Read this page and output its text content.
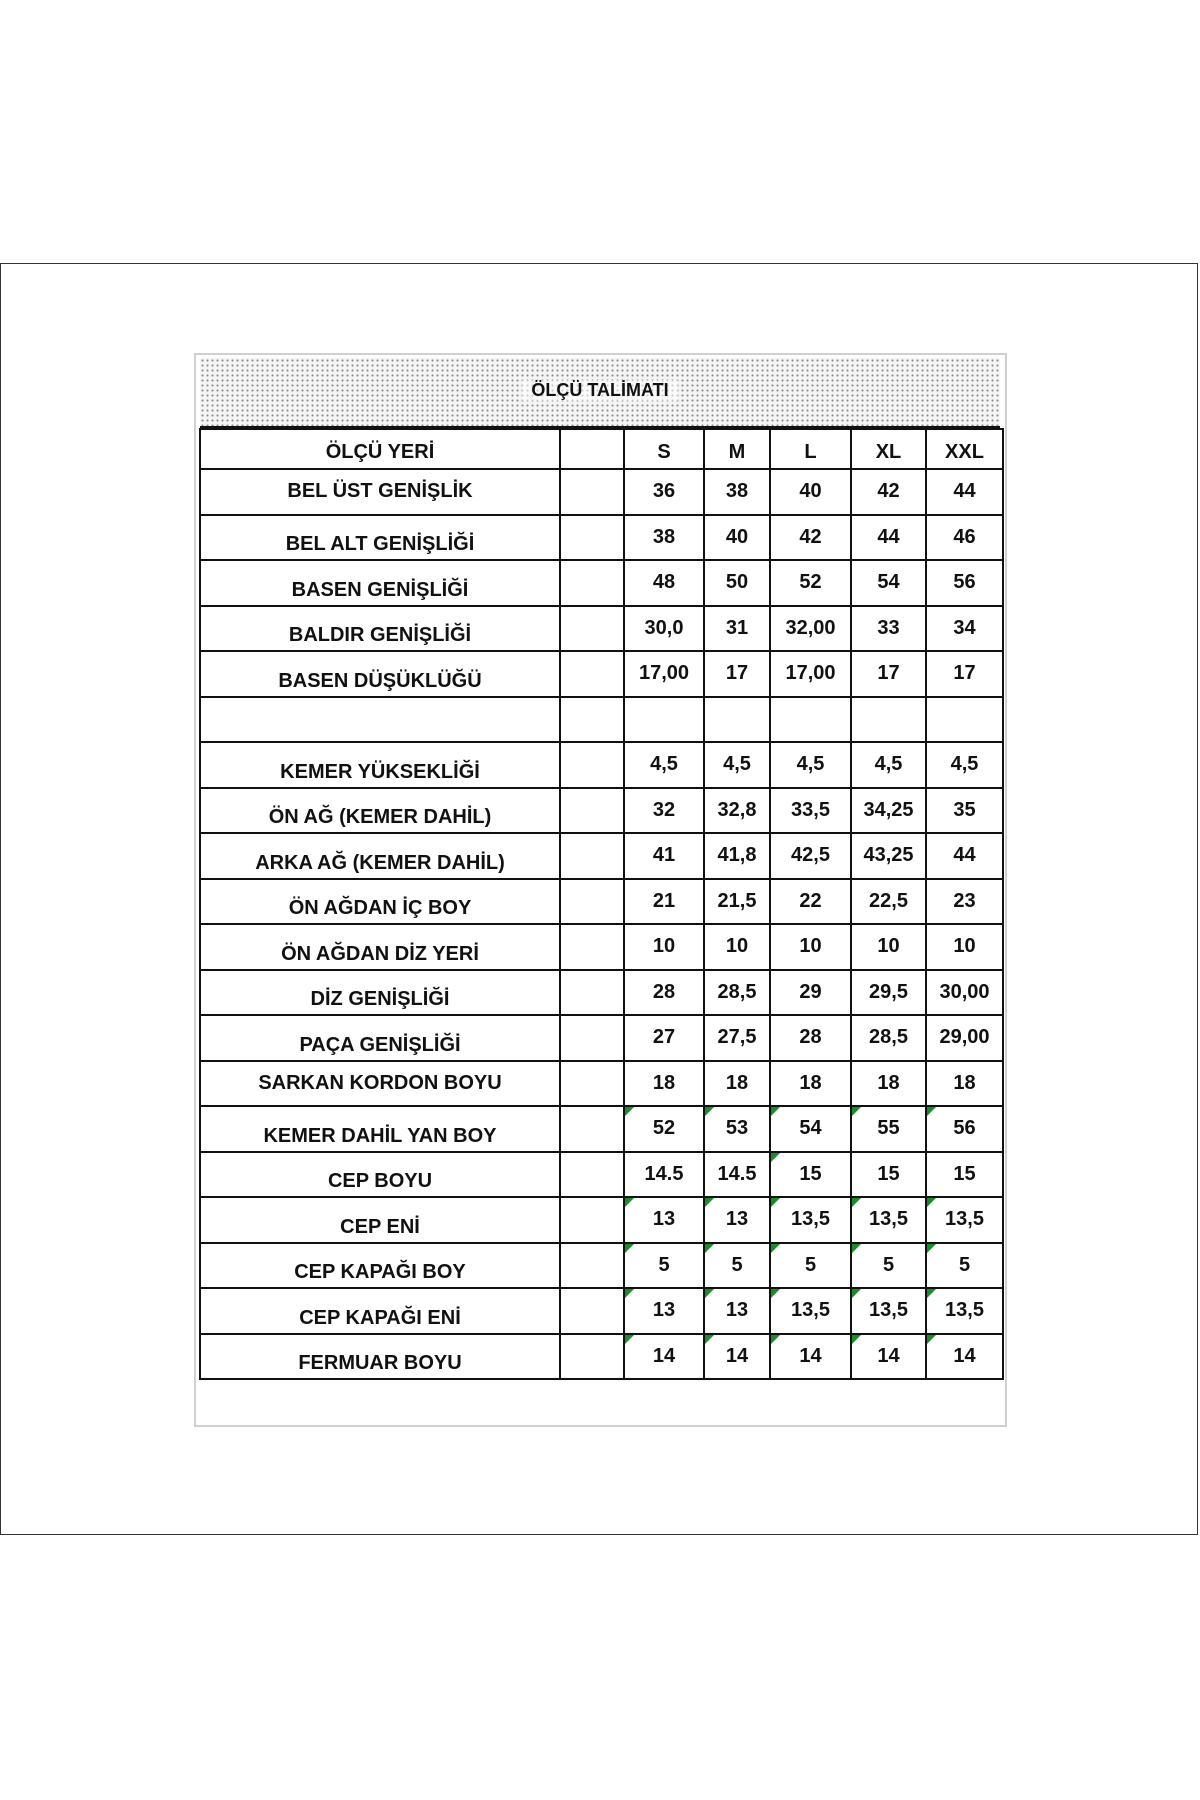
ÖLÇÜ TALİMATI
ÖLÇÜ YERİ		S	M	L	XL	XXL
BEL ÜST GENİŞLİK		36	38	40	42	44
BEL ALT GENİŞLİĞİ		38	40	42	44	46
BASEN GENİŞLİĞİ		48	50	52	54	56
BALDIR GENİŞLİĞİ		30,0	31	32,00	33	34
BASEN DÜŞÜKLÜĞÜ		17,00	17	17,00	17	17

KEMER YÜKSEKLİĞİ		4,5	4,5	4,5	4,5	4,5
ÖN AĞ (KEMER DAHİL)		32	32,8	33,5	34,25	35
ARKA AĞ (KEMER DAHİL)		41	41,8	42,5	43,25	44
ÖN AĞDAN İÇ BOY		21	21,5	22	22,5	23
ÖN AĞDAN DİZ YERİ		10	10	10	10	10
DİZ GENİŞLİĞİ		28	28,5	29	29,5	30,00
PAÇA GENİŞLİĞİ		27	27,5	28	28,5	29,00
SARKAN KORDON BOYU		18	18	18	18	18
KEMER DAHİL YAN BOY		52	53	54	55	56
CEP BOYU		14.5	14.5	15	15	15
CEP ENİ		13	13	13,5	13,5	13,5
CEP KAPAĞI BOY		5	5	5	5	5
CEP KAPAĞI ENİ		13	13	13,5	13,5	13,5
FERMUAR BOYU		14	14	14	14	14
